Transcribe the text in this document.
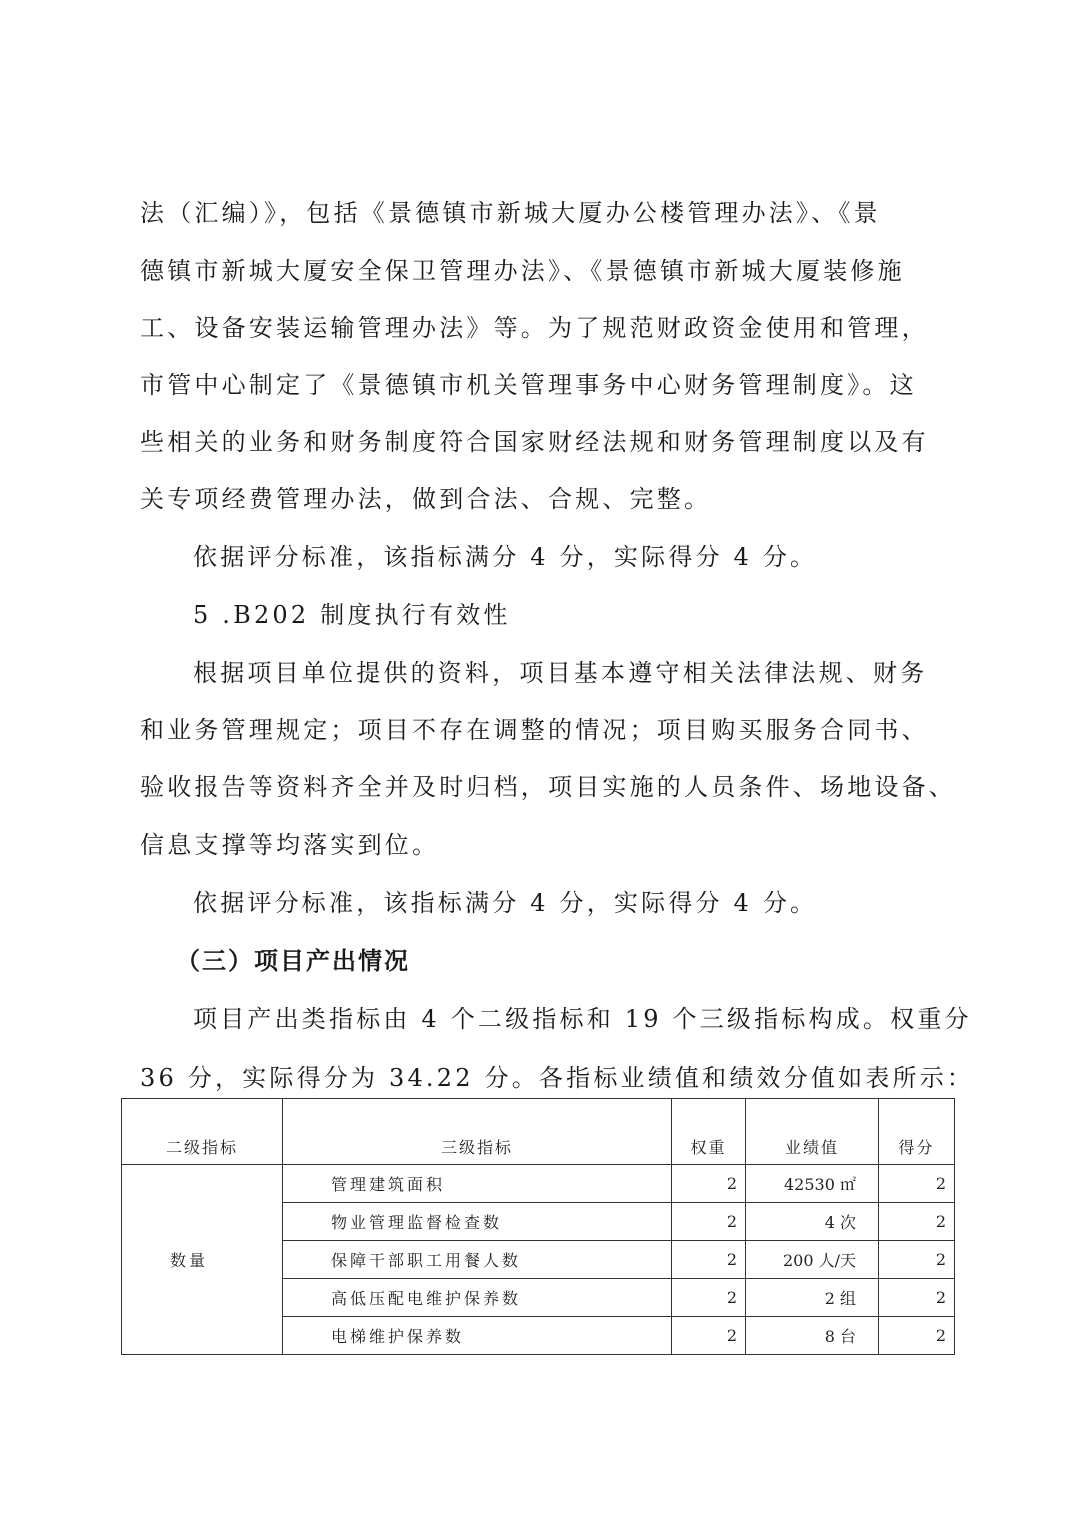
法（汇编）》，包括《景德镇市新城大厦办公楼管理办法》、《景
德镇市新城大厦安全保卫管理办法》、《景德镇市新城大厦装修施
工、设备安装运输管理办法》等。为了规范财政资金使用和管理，
市管中心制定了《景德镇市机关管理事务中心财务管理制度》。这
些相关的业务和财务制度符合国家财经法规和财务管理制度以及有
关专项经费管理办法，做到合法、合规、完整。
依据评分标准，该指标满分 4 分，实际得分 4 分。
5 .B202 制度执行有效性
根据项目单位提供的资料，项目基本遵守相关法律法规、财务
和业务管理规定；项目不存在调整的情况；项目购买服务合同书、
验收报告等资料齐全并及时归档，项目实施的人员条件、场地设备、
信息支撑等均落实到位。
依据评分标准，该指标满分 4 分，实际得分 4 分。
（三）项目产出情况
项目产出类指标由 4 个二级指标和 19 个三级指标构成。权重分
36 分，实际得分为 34.22 分。各指标业绩值和绩效分值如表所示：
二级指标	三级指标	权重	业绩值	得分
数量	管理建筑面积	2	42530 ㎡	2
	物业管理监督检查数	2	4 次	2
	保障干部职工用餐人数	2	200 人/天	2
	高低压配电维护保养数	2	2 组	2
	电梯维护保养数	2	8 台	2
